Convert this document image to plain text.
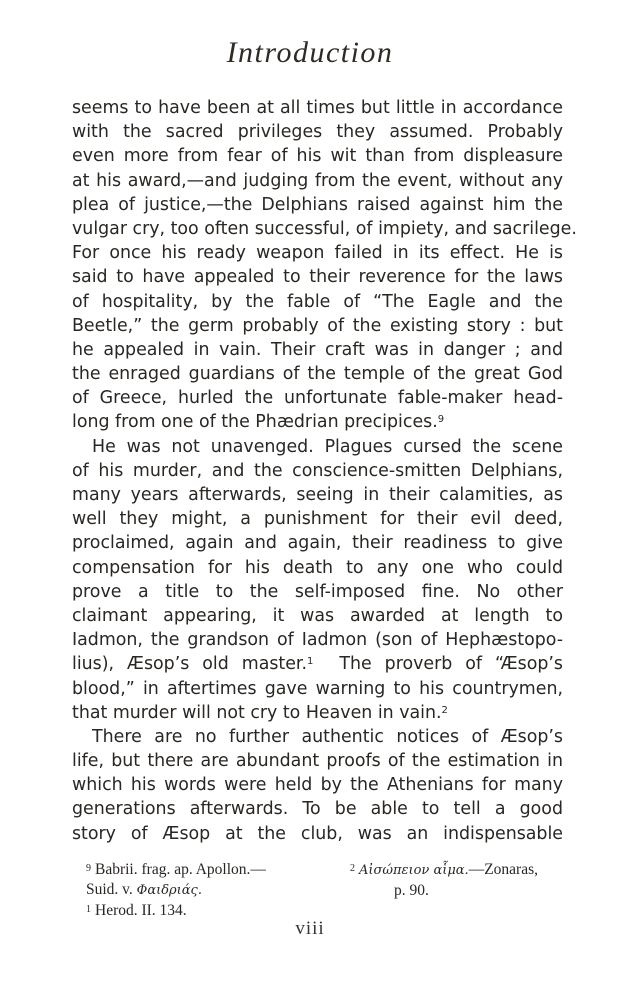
Introduction
seems to have been at all times but little in accordance
with the sacred privileges they assumed. Probably
even more from fear of his wit than from displeasure
at his award,—and judging from the event, without any
plea of justice,—the Delphians raised against him the
vulgar cry, too often successful, of impiety, and sacrilege.
For once his ready weapon failed in its effect. He is
said to have appealed to their reverence for the laws
of hospitality, by the fable of “The Eagle and the
Beetle,” the germ probably of the existing story : but
he appealed in vain. Their craft was in danger ; and
the enraged guardians of the temple of the great God
of Greece, hurled the unfortunate fable-maker head-
long from one of the Phædrian precipices.$^9$
He was not unavenged. Plagues cursed the scene
of his murder, and the conscience-smitten Delphians,
many years afterwards, seeing in their calamities, as
well they might, a punishment for their evil deed,
proclaimed, again and again, their readiness to give
compensation for his death to any one who could
prove a title to the self-imposed fine. No other
claimant appearing, it was awarded at length to
Iadmon, the grandson of Iadmon (son of Hephæstopo-
lius), Æsop’s old master.$^1$ The proverb of “Æsop’s
blood,” in aftertimes gave warning to his countrymen,
that murder will not cry to Heaven in vain.$^2$
There are no further authentic notices of Æsop’s
life, but there are abundant proofs of the estimation in
which his words were held by the Athenians for many
generations afterwards. To be able to tell a good
story of Æsop at the club, was an indispensable
$^9$ Babrii. frag. ap. Apollon.—
Suid. v. Φαιδριάς.
$^1$ Herod. II. 134.
$^2$ Αἰσώπειον αἷμα.—Zonaras,
p. 90.
viii
